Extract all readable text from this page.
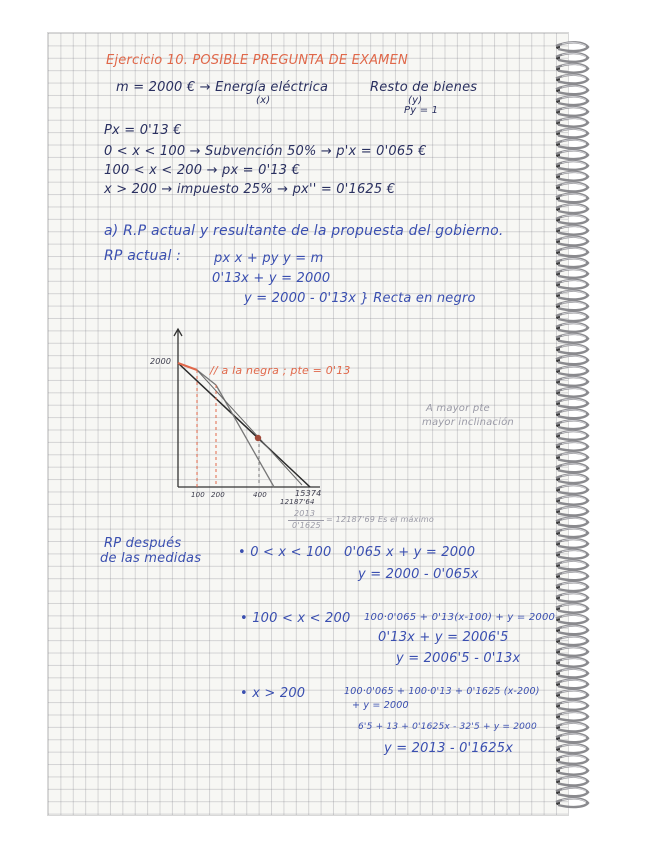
Ejercicio 10. POSIBLE PREGUNTA DE EXAMEN
m = 2000 € → Energía eléctrica
(x)
Resto de bienes
(y)
Py = 1
Px = 0'13 €
0 < x < 100 → Subvención 50% → p'x = 0'065 €
100 < x < 200 → px = 0'13 €
x > 200 → impuesto 25% → px'' = 0'1625 €
a) R.P actual y resultante de la propuesta del gobierno.
RP actual :	px x + py y = m
0'13x + y = 2000
y = 2000 - 0'13x } Recta en negro
2000
// a la negra ; pte = 0'13
A mayor pte
mayor inclinación
100 200	400	15374
12187'64
2013
0'1625
= 12187'69 Es el máximo
RP después
de las medidas	• 0 < x < 100 0'065 x + y = 2000
y = 2000 - 0'065x
• 100 < x < 200 100·0'065 + 0'13(x-100) + y = 2000
0'13x + y = 2006'5
y = 2006'5 - 0'13x
• x > 200	100·0'065 + 100·0'13 + 0'1625 (x-200)
+ y = 2000
6'5 + 13 + 0'1625x - 32'5 + y = 2000
y = 2013 - 0'1625x
